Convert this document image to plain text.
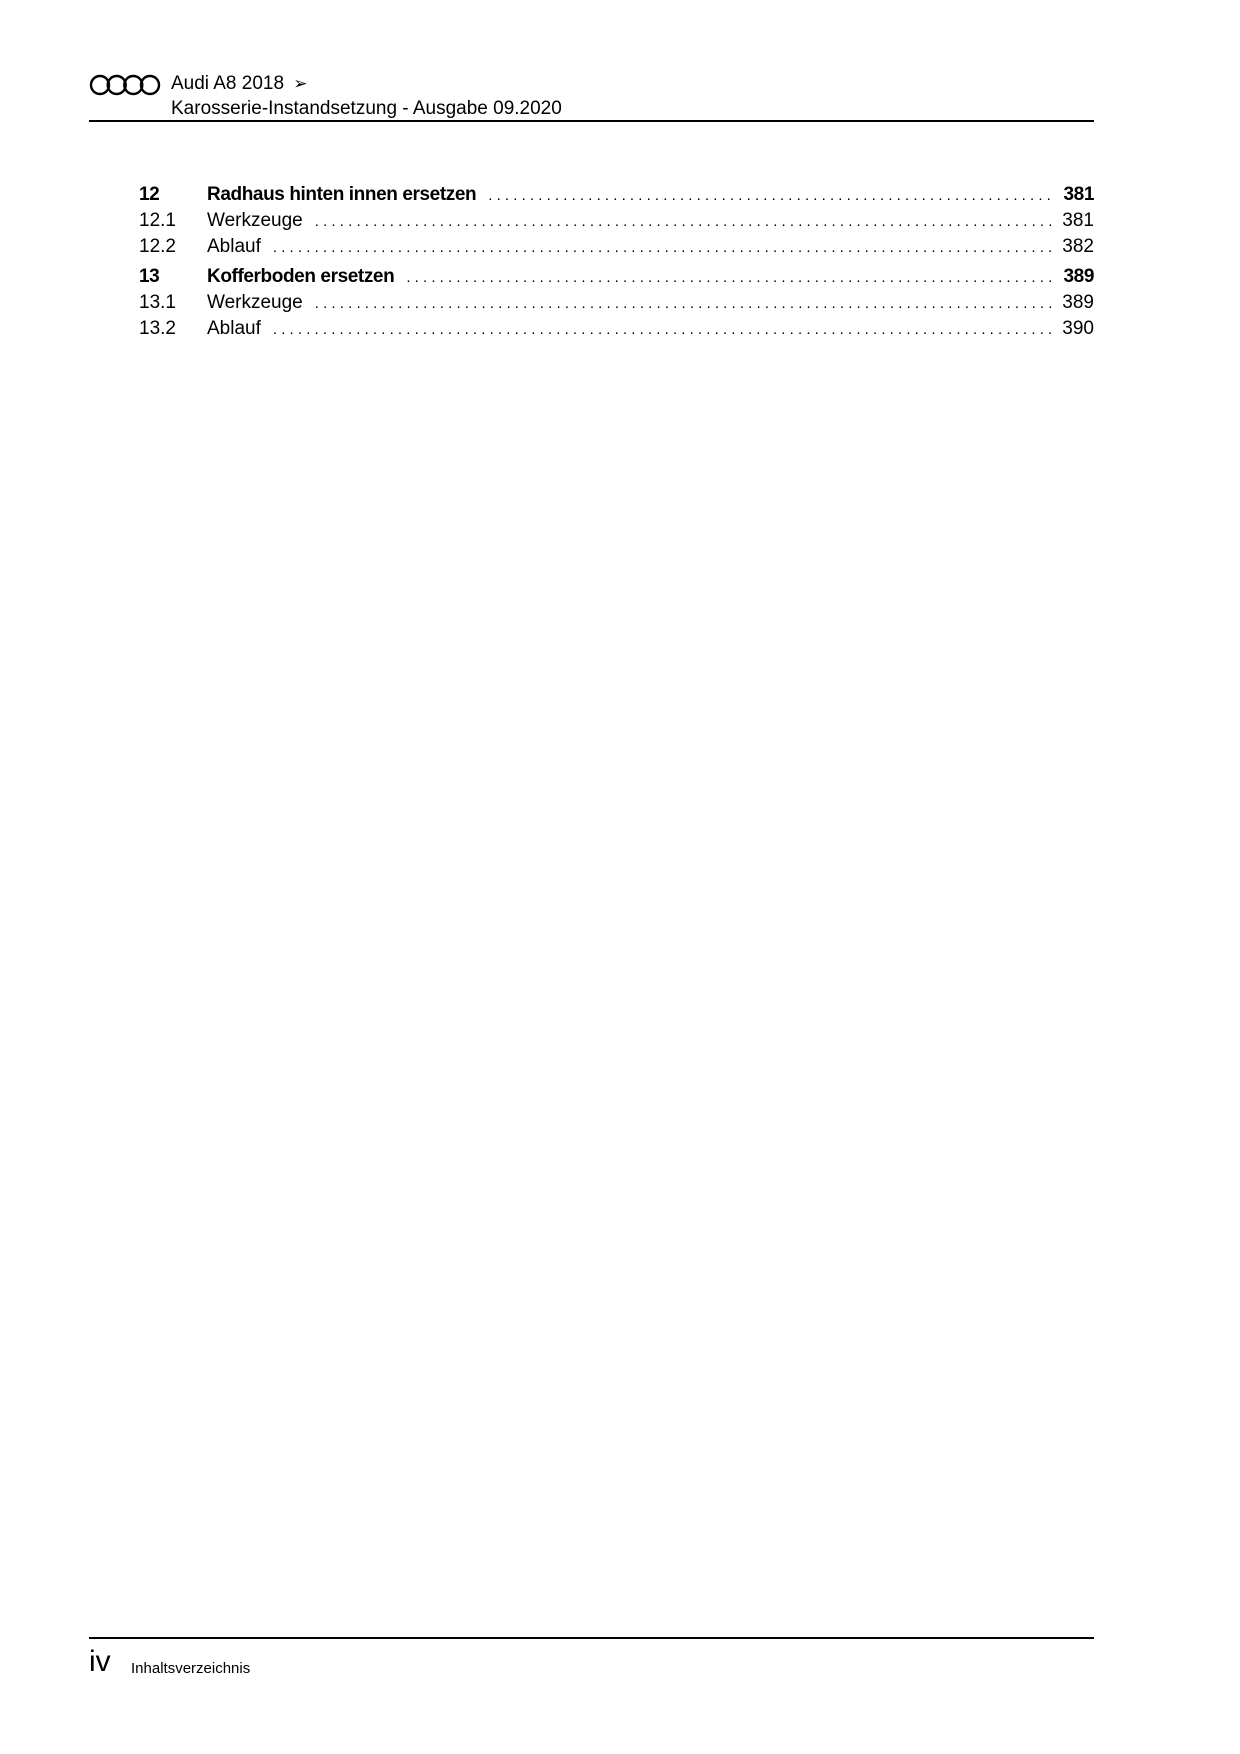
Audi A8 2018 ➢
Karosserie-Instandsetzung - Ausgabe 09.2020
12	Radhaus hinten innen ersetzen . . .	381
12.1	Werkzeuge . . .	381
12.2	Ablauf . . .	382
13	Kofferboden ersetzen . . .	389
13.1	Werkzeuge . . .	389
13.2	Ablauf . . .	390
iv Inhaltsverzeichnis
